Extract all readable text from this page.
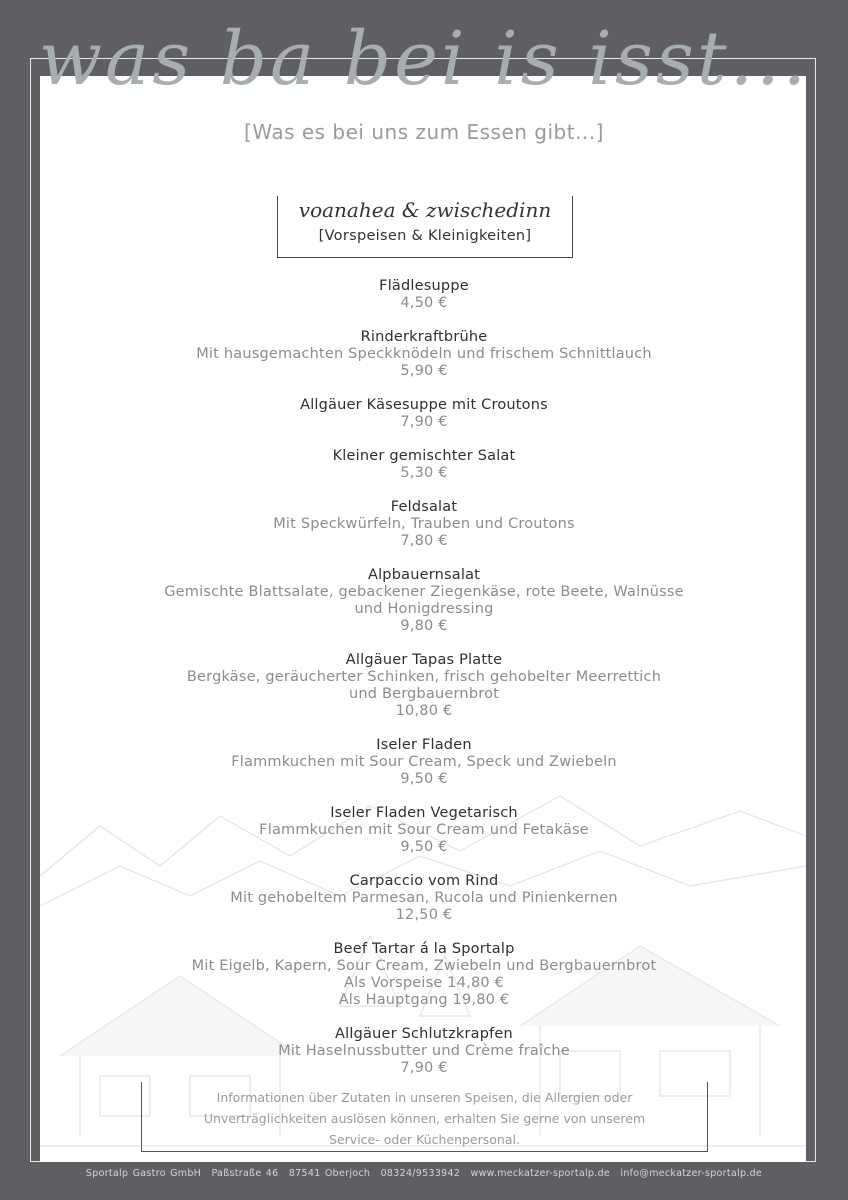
was ba bei is isst...
[Was es bei uns zum Essen gibt...]
voanahea & zwischedinn
[Vorspeisen & Kleinigkeiten]
Flädlesuppe
4,50 €
Rinderkraftbrühe
Mit hausgemachten Speckknödeln und frischem Schnittlauch
5,90 €
Allgäuer Käsesuppe mit Croutons
7,90 €
Kleiner gemischter Salat
5,30 €
Feldsalat
Mit Speckwürfeln, Trauben und Croutons
7,80 €
Alpbauernsalat
Gemischte Blattsalate, gebackener Ziegenkäse, rote Beete, Walnüsse
und Honigdressing
9,80 €
Allgäuer Tapas Platte
Bergkäse, geräucherter Schinken, frisch gehobelter Meerrettich
und Bergbauernbrot
10,80 €
Iseler Fladen
Flammkuchen mit Sour Cream, Speck und Zwiebeln
9,50 €
Iseler Fladen Vegetarisch
Flammkuchen mit Sour Cream und Fetakäse
9,50 €
Carpaccio vom Rind
Mit gehobeltem Parmesan, Rucola und Pinienkernen
12,50 €
Beef Tartar á la Sportalp
Mit Eigelb, Kapern, Sour Cream, Zwiebeln und Bergbauernbrot
Als Vorspeise 14,80 €
Als Hauptgang 19,80 €
Allgäuer Schlutzkrapfen
Mit Haselnussbutter und Crème fraîche
7,90 €
Informationen über Zutaten in unseren Speisen, die Allergien oder
Unverträglichkeiten auslösen können, erhalten Sie gerne von unserem
Service- oder Küchenpersonal.
Sportalp Gastro GmbH Paßstraße 46 87541 Oberjoch 08324/9533942 www.meckatzer-sportalp.de info@meckatzer-sportalp.de
